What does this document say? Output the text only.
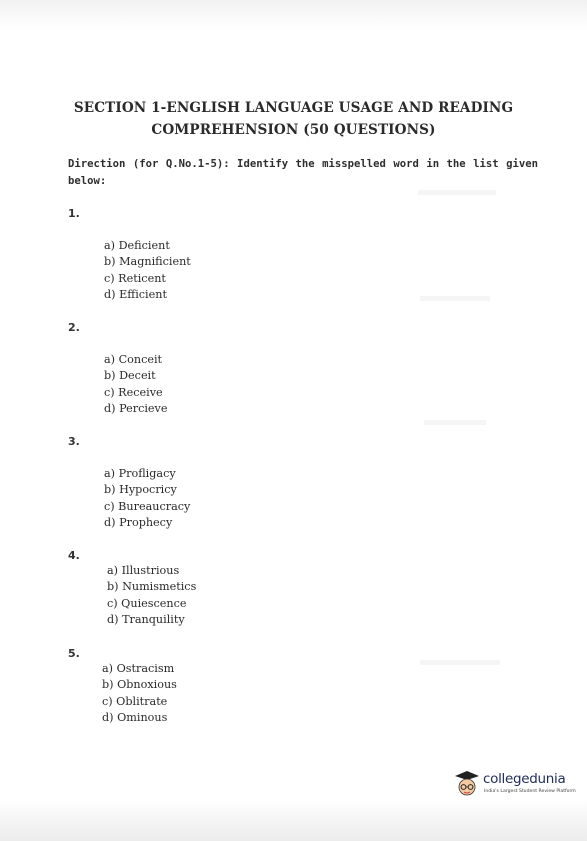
SECTION 1-ENGLISH LANGUAGE USAGE AND READING
COMPREHENSION (50 QUESTIONS)
Direction (for Q.No.1-5): Identify the misspelled word in the list given below:
1.
a) Deficient
b) Magnificient
c) Reticent
d) Efficient
2.
a) Conceit
b) Deceit
c) Receive
d) Percieve
3.
a) Profligacy
b) Hypocricy
c) Bureaucracy
d) Prophecy
4.
a) Illustrious
b) Numismetics
c) Quiescence
d) Tranquility
5.
a) Ostracism
b) Obnoxious
c) Oblitrate
d) Ominous
collegedunia
India's Largest Student Review Platform
